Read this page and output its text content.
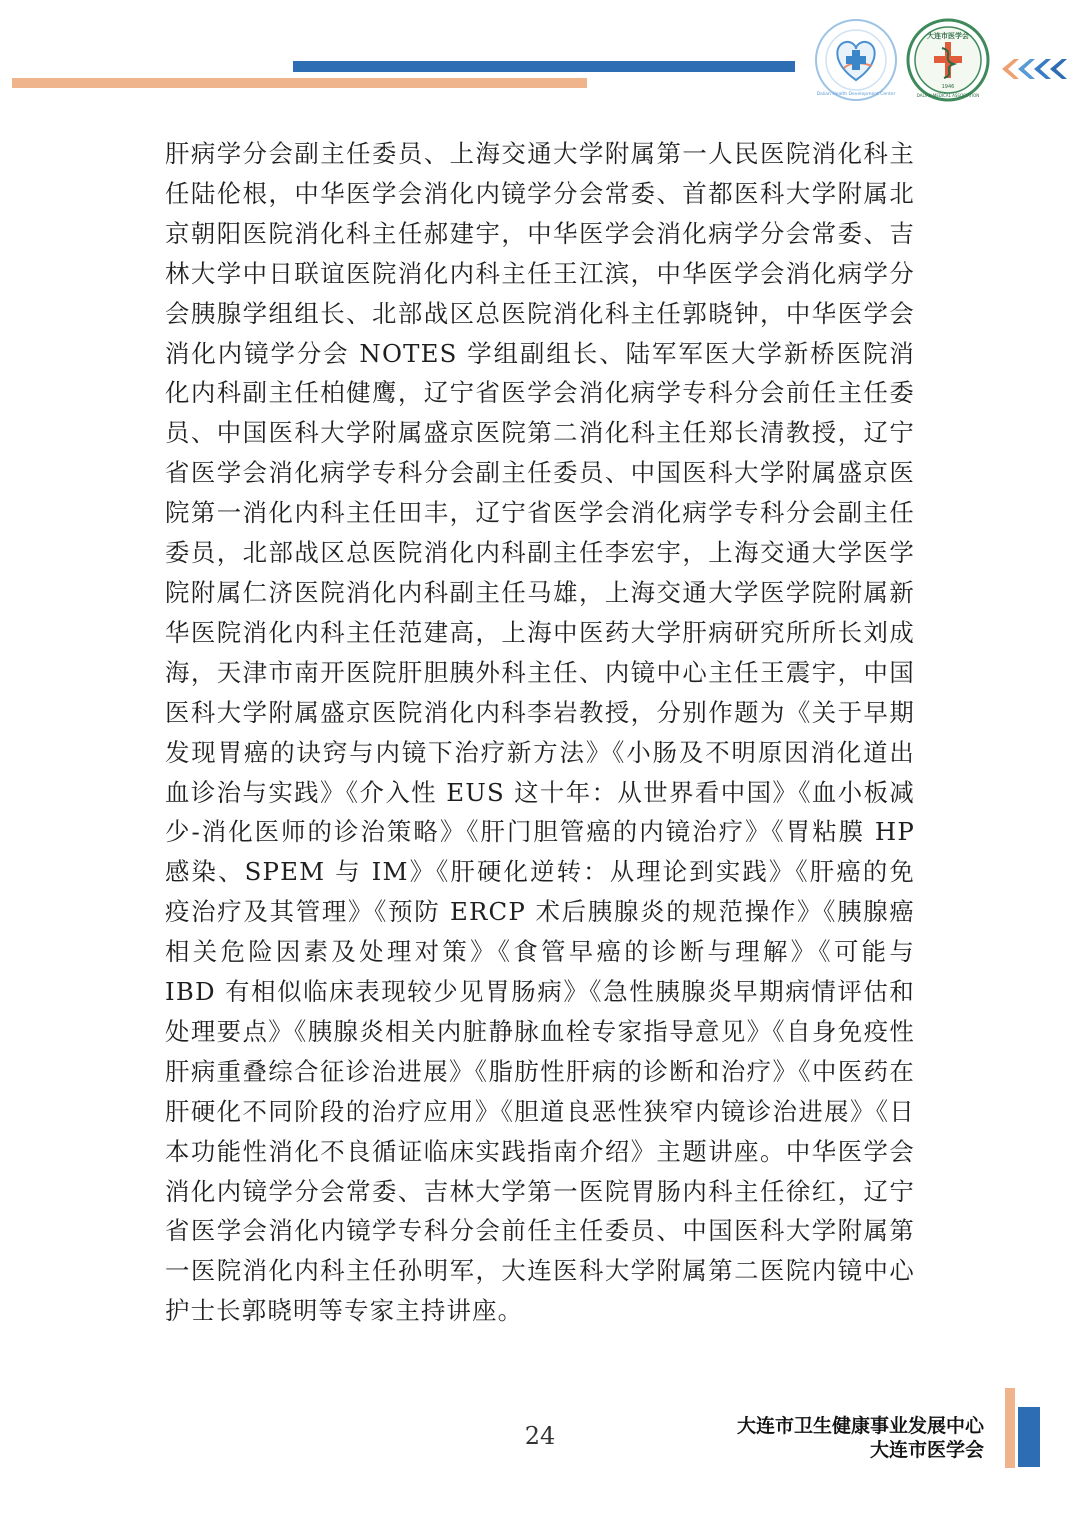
Dalian Health Development Center
大连市医学会
1946
DALIAN MEDICAL ASSOCIATION

肝病学分会副主任委员、上海交通大学附属第一人民医院消化科主任陆伦根，中华医学会消化内镜学分会常委、首都医科大学附属北京朝阳医院消化科主任郝建宇，中华医学会消化病学分会常委、吉林大学中日联谊医院消化内科主任王江滨，中华医学会消化病学分会胰腺学组组长、北部战区总医院消化科主任郭晓钟，中华医学会消化内镜学分会 NOTES 学组副组长、陆军军医大学新桥医院消化内科副主任柏健鹰，辽宁省医学会消化病学专科分会前任主任委员、中国医科大学附属盛京医院第二消化科主任郑长清教授，辽宁省医学会消化病学专科分会副主任委员、中国医科大学附属盛京医院第一消化内科主任田丰，辽宁省医学会消化病学专科分会副主任委员，北部战区总医院消化内科副主任李宏宇，上海交通大学医学院附属仁济医院消化内科副主任马雄，上海交通大学医学院附属新华医院消化内科主任范建高，上海中医药大学肝病研究所所长刘成海，天津市南开医院肝胆胰外科主任、内镜中心主任王震宇，中国医科大学附属盛京医院消化内科李岩教授，分别作题为《关于早期发现胃癌的诀窍与内镜下治疗新方法》《小肠及不明原因消化道出血诊治与实践》《介入性 EUS 这十年：从世界看中国》《血小板减少-消化医师的诊治策略》《肝门胆管癌的内镜治疗》《胃粘膜 HP 感染、SPEM 与 IM》《肝硬化逆转：从理论到实践》《肝癌的免疫治疗及其管理》《预防 ERCP 术后胰腺炎的规范操作》《胰腺癌相关危险因素及处理对策》《食管早癌的诊断与理解》《可能与 IBD 有相似临床表现较少见胃肠病》《急性胰腺炎早期病情评估和处理要点》《胰腺炎相关内脏静脉血栓专家指导意见》《自身免疫性肝病重叠综合征诊治进展》《脂肪性肝病的诊断和治疗》《中医药在肝硬化不同阶段的治疗应用》《胆道良恶性狭窄内镜诊治进展》《日本功能性消化不良循证临床实践指南介绍》主题讲座。中华医学会消化内镜学分会常委、吉林大学第一医院胃肠内科主任徐红，辽宁省医学会消化内镜学专科分会前任主任委员、中国医科大学附属第一医院消化内科主任孙明军，大连医科大学附属第二医院内镜中心护士长郭晓明等专家主持讲座。

24	大连市卫生健康事业发展中心
大连市医学会
